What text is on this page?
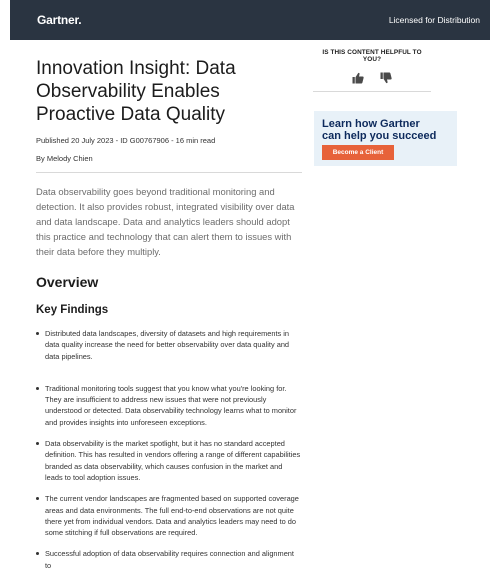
Gartner.	Licensed for Distribution
Innovation Insight: Data Observability Enables Proactive Data Quality
Published 20 July 2023 - ID G00767906 - 16 min read
By Melody Chien

Data observability goes beyond traditional monitoring and detection. It also provides robust, integrated visibility over data and data landscape. Data and analytics leaders should adopt this practice and technology that can alert them to issues with their data before they multiply.

Overview
Key Findings
Distributed data landscapes, diversity of datasets and high requirements in data quality increase the need for better observability over data quality and data pipelines.
Traditional monitoring tools suggest that you know what you're looking for. They are insufficient to address new issues that were not previously understood or detected. Data observability technology learns what to monitor and provides insights into unforeseen exceptions.
Data observability is the market spotlight, but it has no standard accepted definition. This has resulted in vendors offering a range of different capabilities branded as data observability, which causes confusion in the market and leads to tool adoption issues.
The current vendor landscapes are fragmented based on supported coverage areas and data environments. The full end-to-end observations are not quite there yet from individual vendors. Data and analytics leaders may need to do some stitching if full observations are required.
Successful adoption of data observability requires connection and alignment to
IS THIS CONTENT HELPFUL TO YOU?
Learn how Gartner
can help you succeed
Become a Client
